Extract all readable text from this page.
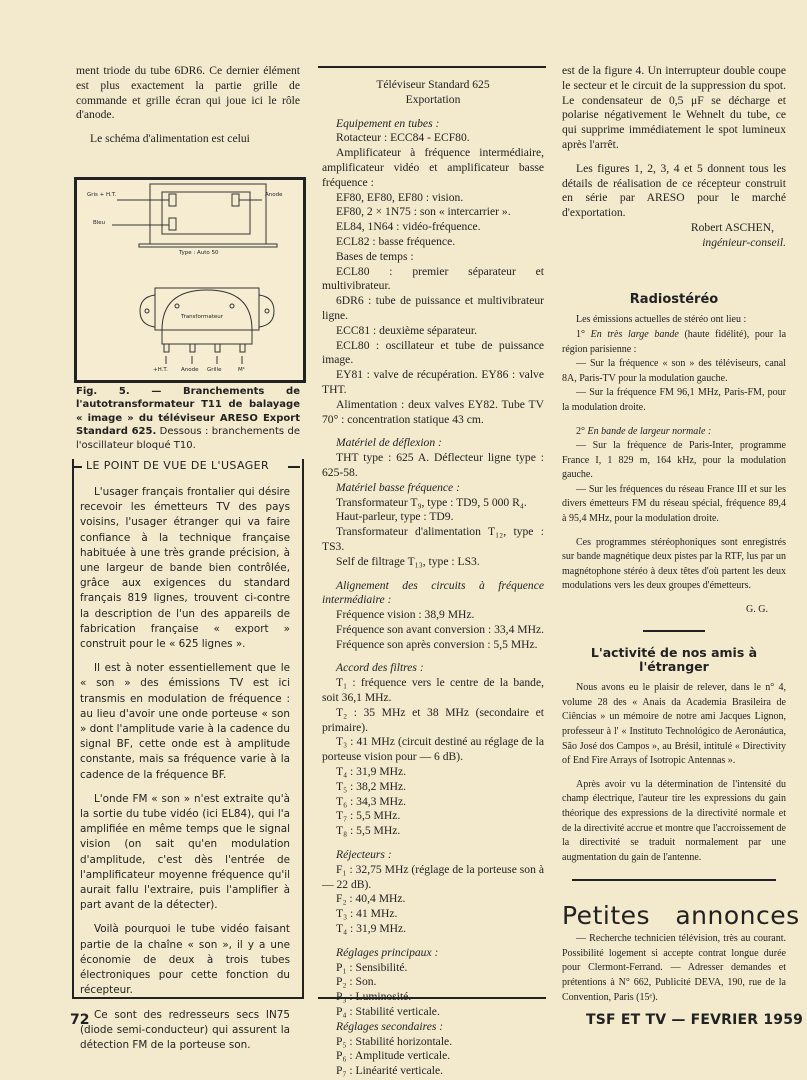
ment triode du tube 6DR6. Ce dernier élément est plus exactement la partie grille de commande et grille écran qui joue ici le rôle d'anode.

Le schéma d'alimentation est celui

Gris + H.T.	Anode
Bleu
Type : Auto 50
Transformateur
+H.T. Anode Grille	M¹
Fig. 5. — Branchements de l'autotransformateur T11 de balayage « image » du téléviseur ARESO Export Standard 625. Dessous : branchements de l'oscillateur bloqué T10.
LE POINT DE VUE DE L'USAGER

L'usager français frontalier qui désire recevoir les émetteurs TV des pays voisins, l'usager étranger qui va faire confiance à la technique française habituée à une très grande précision, à une largeur de bande bien contrôlée, grâce aux exigences du standard français 819 lignes, trouvent ci-contre la description de l'un des appareils de fabrication française « export » construit pour le « 625 lignes ».

Il est à noter essentiellement que le « son » des émissions TV est ici transmis en modulation de fréquence : au lieu d'avoir une onde porteuse « son » dont l'amplitude varie à la cadence du signal BF, cette onde est à amplitude constante, mais sa fréquence varie à la cadence de la fréquence BF.

L'onde FM « son » n'est extraite qu'à la sortie du tube vidéo (ici EL84), qui l'a amplifiée en même temps que le signal vision (on sait qu'en modulation d'amplitude, c'est dès l'entrée de l'amplificateur moyenne fréquence qu'il aurait fallu l'extraire, puis l'amplifier à part avant de la détecter).

Voilà pourquoi le tube vidéo faisant partie de la chaîne « son », il y a une économie de deux à trois tubes électroniques pour cette fonction du récepteur.

Ce sont des redresseurs secs IN75 (diode semi-conducteur) qui assurent la détection FM de la porteuse son.

Téléviseur Standard 625
Exportation

Equipement en tubes :

Rotacteur : ECC84 - ECF80.

Amplificateur à fréquence intermédiaire, amplificateur vidéo et amplificateur basse fréquence :

EF80, EF80, EF80 : vision.

EF80, 2 × 1N75 : son « intercarrier ».

EL84, 1N64 : vidéo-fréquence.

ECL82 : basse fréquence.

Bases de temps :

ECL80 : premier séparateur et multivibrateur.

6DR6 : tube de puissance et multivibrateur ligne.

ECC81 : deuxième séparateur.

ECL80 : oscillateur et tube de puissance image.

EY81 : valve de récupération. EY86 : valve THT.

Alimentation : deux valves EY82. Tube TV 70° : concentration statique 43 cm.

Matériel de déflexion :

THT type : 625 A. Déflecteur ligne type : 625-58.

Matériel basse fréquence :

Transformateur T₉, type : TD9, 5 000 R₄.

Haut-parleur, type : TD9.

Transformateur d'alimentation T₁₂, type : TS3.

Self de filtrage T₁₃, type : LS3.

Alignement des circuits à fréquence intermédiaire :

Fréquence vision : 38,9 MHz.

Fréquence son avant conversion : 33,4 MHz.

Fréquence son après conversion : 5,5 MHz.

Accord des filtres :

T₁ : fréquence vers le centre de la bande, soit 36,1 MHz.

T₂ : 35 MHz et 38 MHz (secondaire et primaire).

T₃ : 41 MHz (circuit destiné au réglage de la porteuse vision pour — 6 dB).

T₄ : 31,9 MHz.

T₅ : 38,2 MHz.

T₆ : 34,3 MHz.

T₇ : 5,5 MHz.

T₈ : 5,5 MHz.

Réjecteurs :

F₁ : 32,75 MHz (réglage de la porteuse son à — 22 dB).

F₂ : 40,4 MHz.

T₃ : 41 MHz.

T₄ : 31,9 MHz.

Réglages principaux :

P₁ : Sensibilité.

P₂ : Son.

P₄ : Stabilité verticale.

Réglages secondaires :

P₅ : Stabilité horizontale.

P₆ : Amplitude verticale.

P₇ : Linéarité verticale.

est de la figure 4. Un interrupteur double coupe le secteur et le circuit de la suppression du spot. Le condensateur de 0,5 μF se décharge et polarise négativement le Wehnelt du tube, ce qui supprime immédiatement le spot lumineux après l'arrêt.

Les figures 1, 2, 3, 4 et 5 donnent tous les détails de réalisation de ce récepteur construit en série par ARESO pour le marché d'exportation.

Robert ASCHEN,
ingénieur-conseil.
Radiostéréo

Les émissions actuelles de stéréo ont lieu :

1° En très large bande (haute fidélité), pour la région parisienne :

— Sur la fréquence « son » des téléviseurs, canal 8A, Paris-TV pour la modulation gauche.

— Sur la fréquence FM 96,1 MHz, Paris-FM, pour la modulation droite.

2° En bande de largeur normale :

— Sur la fréquence de Paris-Inter, programme France I, 1 829 m, 164 kHz, pour la modulation gauche.

— Sur les fréquences du réseau France III et sur les divers émetteurs FM du réseau spécial, fréquence 89,4 à 95,4 MHz, pour la modulation droite.

Ces programmes stéréophoniques sont enregistrés sur bande magnétique deux pistes par la RTF, lus par un magnétophone stéréo à deux têtes d'où partent les deux modulations vers les deux groupes d'émetteurs.

G. G.
L'activité de nos amis à l'étranger

Nous avons eu le plaisir de relever, dans le n° 4, volume 28 des « Anais da Academia Brasileira de Ciências » un mémoire de notre ami Jacques Lignon, professeur à l' « Instituto Technológico de Aeronáutica, São José dos Campos », au Brésil, intitulé « Directivity of End Fire Arrays of Isotropic Antennas ».

Après avoir vu la détermination de l'intensité du champ électrique, l'auteur tire les expressions du gain théorique des expressions de la directivité normale et de la directivité accrue et montre que l'accroissement de la directivité se traduit normalement par une augmentation du gain de l'antenne.

Petites   annonces

— Recherche technicien télévision, très au courant. Possibilité logement si accepte contrat longue durée pour Clermont-Ferrand. — Adresser demandes et prétentions à N° 662, Publicité DEVA, 190, rue de la Convention, Paris (15ᵉ).

72	TSF ET TV — FEVRIER 1959
